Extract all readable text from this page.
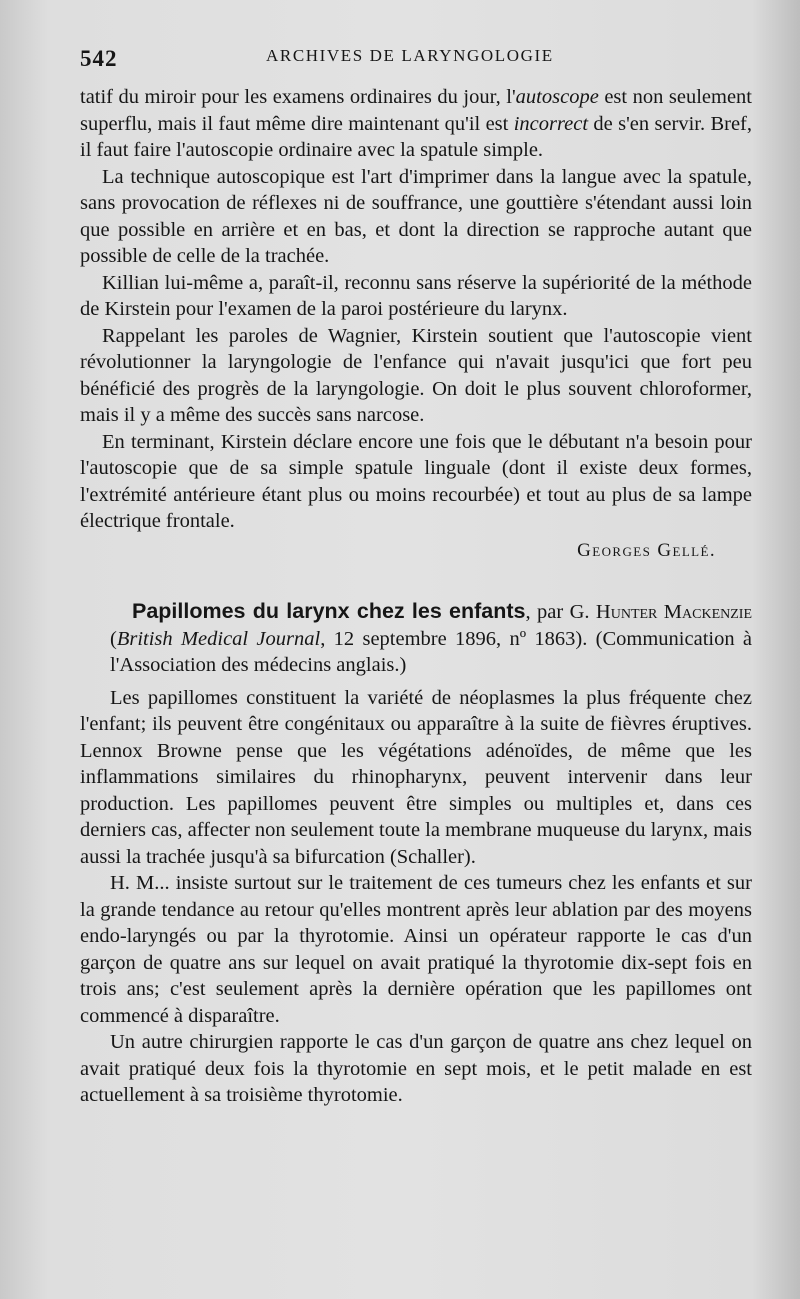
542	ARCHIVES DE LARYNGOLOGIE

tatif du miroir pour les examens ordinaires du jour, l'autoscope est non seulement superflu, mais il faut même dire maintenant qu'il est incorrect de s'en servir. Bref, il faut faire l'autoscopie ordinaire avec la spatule simple.

La technique autoscopique est l'art d'imprimer dans la langue avec la spatule, sans provocation de réflexes ni de souffrance, une gouttière s'étendant aussi loin que possible en arrière et en bas, et dont la direction se rapproche autant que possible de celle de la trachée.

Killian lui-même a, paraît-il, reconnu sans réserve la supériorité de la méthode de Kirstein pour l'examen de la paroi postérieure du larynx.

Rappelant les paroles de Wagnier, Kirstein soutient que l'autoscopie vient révolutionner la laryngologie de l'enfance qui n'avait jusqu'ici que fort peu bénéficié des progrès de la laryngologie. On doit le plus souvent chloroformer, mais il y a même des succès sans narcose.

En terminant, Kirstein déclare encore une fois que le débutant n'a besoin pour l'autoscopie que de sa simple spatule linguale (dont il existe deux formes, l'extrémité antérieure étant plus ou moins recourbée) et tout au plus de sa lampe électrique frontale.

Georges Gellé.

Papillomes du larynx chez les enfants, par G. Hunter Mackenzie (British Medical Journal, 12 septembre 1896, nº 1863). (Communication à l'Association des médecins anglais.)

Les papillomes constituent la variété de néoplasmes la plus fréquente chez l'enfant; ils peuvent être congénitaux ou apparaître à la suite de fièvres éruptives. Lennox Browne pense que les végétations adénoïdes, de même que les inflammations similaires du rhinopharynx, peuvent intervenir dans leur production. Les papillomes peuvent être simples ou multiples et, dans ces derniers cas, affecter non seulement toute la membrane muqueuse du larynx, mais aussi la trachée jusqu'à sa bifurcation (Schaller).

H. M... insiste surtout sur le traitement de ces tumeurs chez les enfants et sur la grande tendance au retour qu'elles montrent après leur ablation par des moyens endo-laryngés ou par la thyrotomie. Ainsi un opérateur rapporte le cas d'un garçon de quatre ans sur lequel on avait pratiqué la thyrotomie dix-sept fois en trois ans; c'est seulement après la dernière opération que les papillomes ont commencé à disparaître.

Un autre chirurgien rapporte le cas d'un garçon de quatre ans chez lequel on avait pratiqué deux fois la thyrotomie en sept mois, et le petit malade en est actuellement à sa troisième thyrotomie.
